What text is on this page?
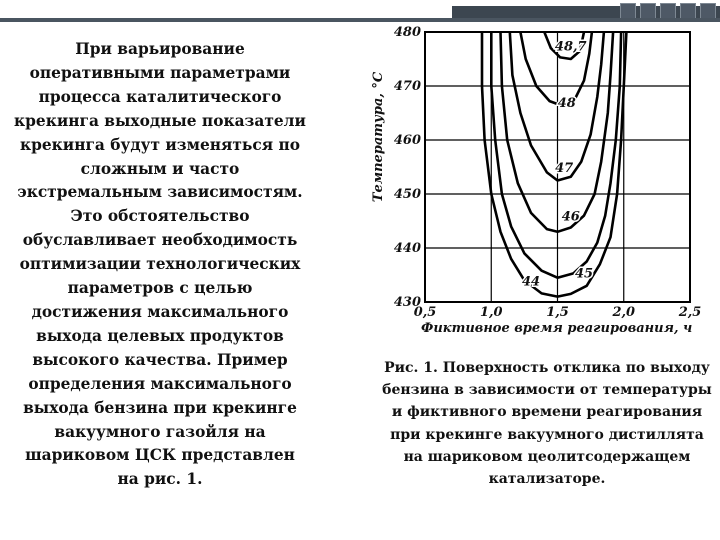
При варьирование оперативными параметрами процесса каталитического крекинга выходные показатели крекинга будут изменяться по сложным и часто экстремальным зависимостям. Это обстоятельство обуславливает необходимость оптимизации технологических параметров с целью достижения максимального выхода целевых продуктов высокого качества. Пример определения максимального выхода бензина при крекинге вакуумного газойля на шариковом ЦСК представлен на рис. 1.
0,5	1,0	1,5	2,0	2,5
430
440
450
460
470
480
44
45
46
47
48
48,7
Температура, °С
Фиктивное время реагирования, ч
Рис. 1. Поверхность отклика по выходу бензина в зависимости от температуры и фиктивного времени реагирования при крекинге вакуумного дистиллята на шариковом цеолитсодержащем катализаторе.
